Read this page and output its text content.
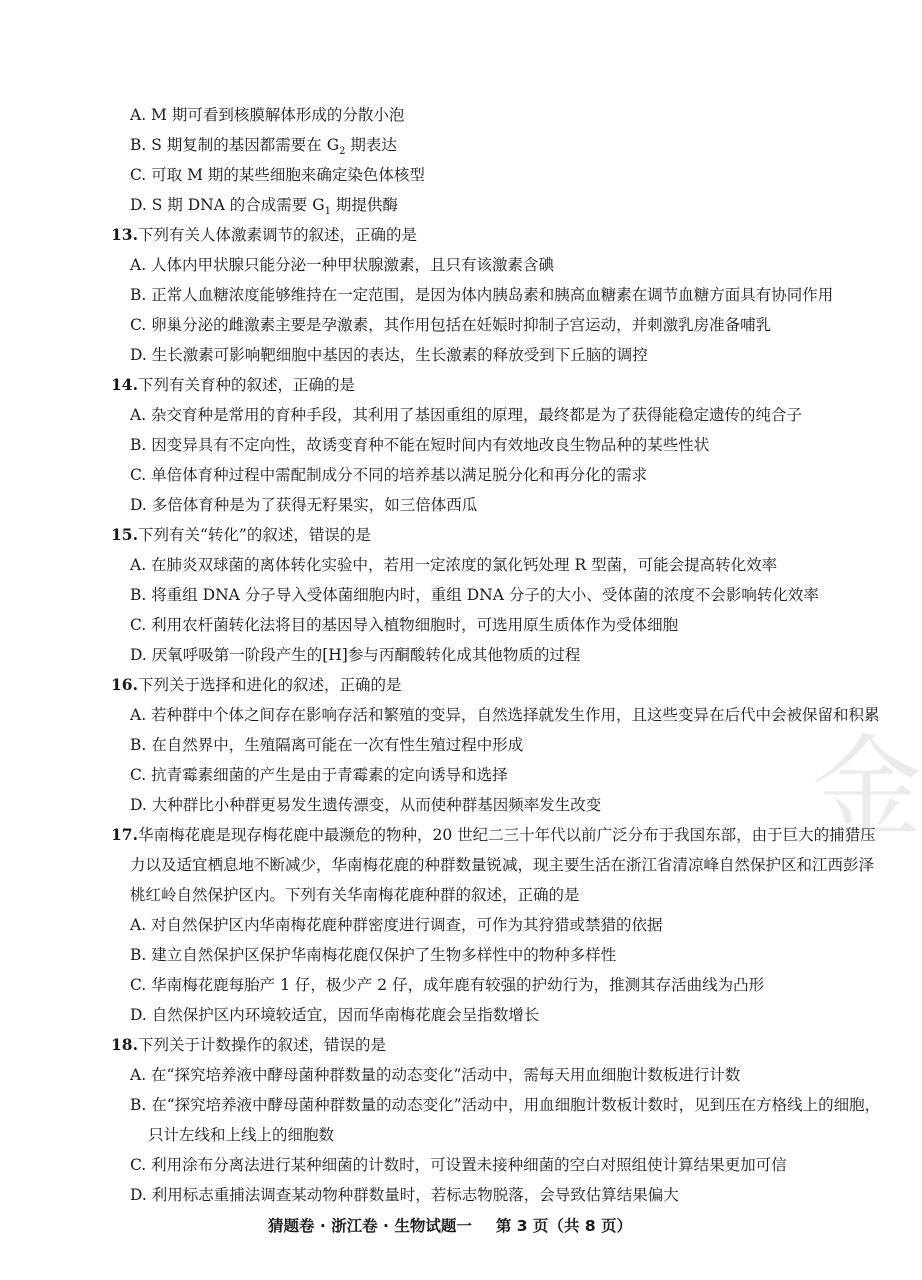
金
A. M 期可看到核膜解体形成的分散小泡
B. S 期复制的基因都需要在 $G_2$ 期表达
C. 可取 M 期的某些细胞来确定染色体核型
D. S 期 DNA 的合成需要 $G_1$ 期提供酶
13.下列有关人体激素调节的叙述，正确的是
A. 人体内甲状腺只能分泌一种甲状腺激素，且只有该激素含碘
B. 正常人血糖浓度能够维持在一定范围，是因为体内胰岛素和胰高血糖素在调节血糖方面具有协同作用
C. 卵巢分泌的雌激素主要是孕激素，其作用包括在妊娠时抑制子宫运动，并刺激乳房准备哺乳
D. 生长激素可影响靶细胞中基因的表达，生长激素的释放受到下丘脑的调控
14.下列有关育种的叙述，正确的是
A. 杂交育种是常用的育种手段，其利用了基因重组的原理，最终都是为了获得能稳定遗传的纯合子
B. 因变异具有不定向性，故诱变育种不能在短时间内有效地改良生物品种的某些性状
C. 单倍体育种过程中需配制成分不同的培养基以满足脱分化和再分化的需求
D. 多倍体育种是为了获得无籽果实，如三倍体西瓜
15.下列有关“转化”的叙述，错误的是
A. 在肺炎双球菌的离体转化实验中，若用一定浓度的氯化钙处理 R 型菌，可能会提高转化效率
B. 将重组 DNA 分子导入受体菌细胞内时，重组 DNA 分子的大小、受体菌的浓度不会影响转化效率
C. 利用农杆菌转化法将目的基因导入植物细胞时，可选用原生质体作为受体细胞
D. 厌氧呼吸第一阶段产生的[H]参与丙酮酸转化成其他物质的过程
16.下列关于选择和进化的叙述，正确的是
A. 若种群中个体之间存在影响存活和繁殖的变异，自然选择就发生作用，且这些变异在后代中会被保留和积累
B. 在自然界中，生殖隔离可能在一次有性生殖过程中形成
C. 抗青霉素细菌的产生是由于青霉素的定向诱导和选择
D. 大种群比小种群更易发生遗传漂变，从而使种群基因频率发生改变
17.华南梅花鹿是现存梅花鹿中最濒危的物种，20 世纪二三十年代以前广泛分布于我国东部，由于巨大的捕猎压
力以及适宜栖息地不断减少，华南梅花鹿的种群数量锐减，现主要生活在浙江省清凉峰自然保护区和江西彭泽
桃红岭自然保护区内。下列有关华南梅花鹿种群的叙述，正确的是
A. 对自然保护区内华南梅花鹿种群密度进行调查，可作为其狩猎或禁猎的依据
B. 建立自然保护区保护华南梅花鹿仅保护了生物多样性中的物种多样性
C. 华南梅花鹿每胎产 1 仔，极少产 2 仔，成年鹿有较强的护幼行为，推测其存活曲线为凸形
D. 自然保护区内环境较适宜，因而华南梅花鹿会呈指数增长
18.下列关于计数操作的叙述，错误的是
A. 在“探究培养液中酵母菌种群数量的动态变化”活动中，需每天用血细胞计数板进行计数
B. 在“探究培养液中酵母菌种群数量的动态变化”活动中，用血细胞计数板计数时，见到压在方格线上的细胞，
只计左线和上线上的细胞数
C. 利用涂布分离法进行某种细菌的计数时，可设置未接种细菌的空白对照组使计算结果更加可信
D. 利用标志重捕法调查某动物种群数量时，若标志物脱落，会导致估算结果偏大
猜题卷 · 浙江卷 · 生物试题一 第 3 页（共 8 页）
